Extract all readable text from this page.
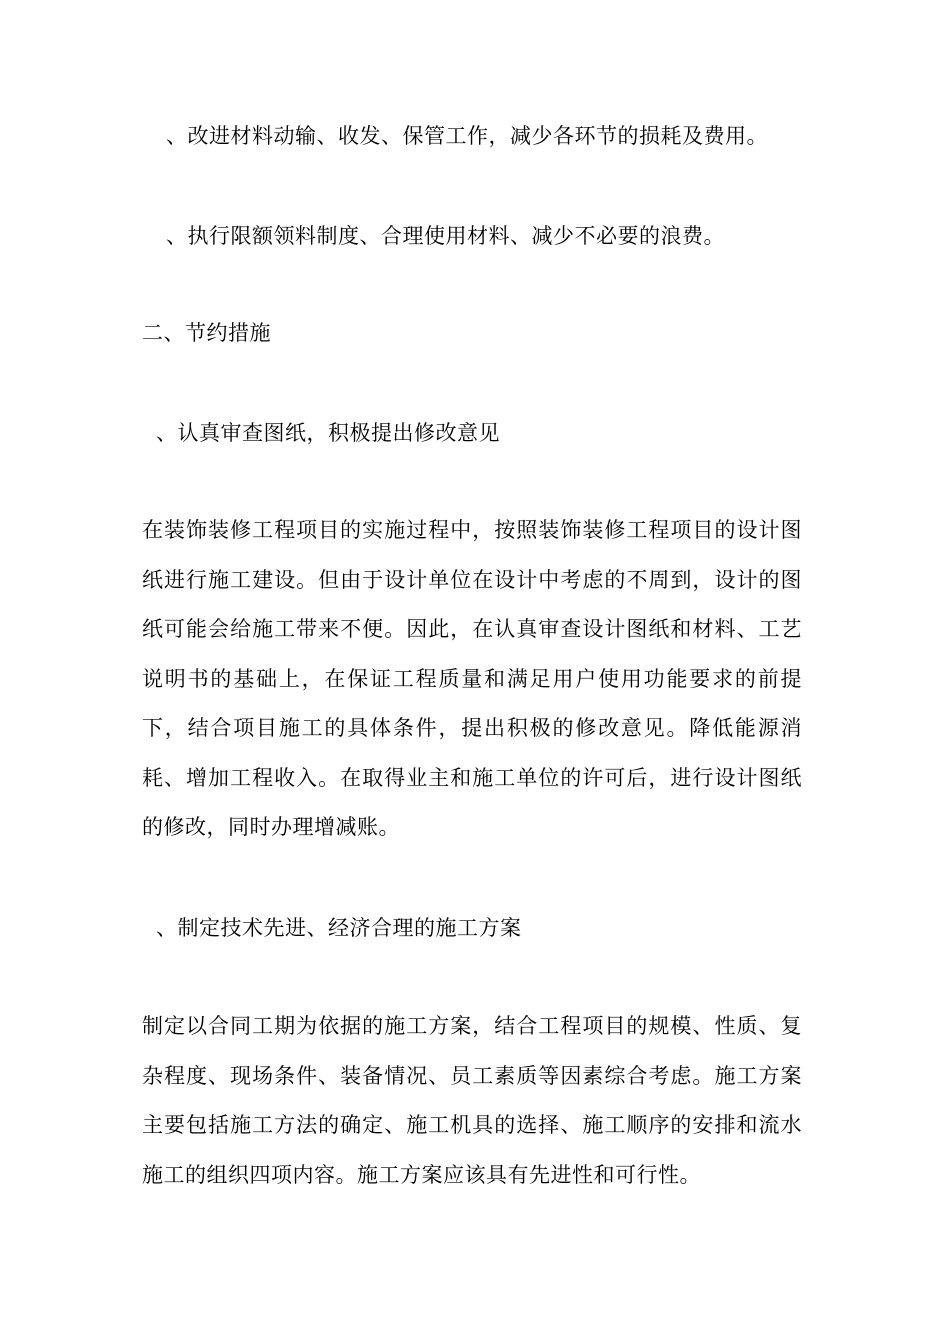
、改进材料动输、收发、保管工作，减少各环节的损耗及费用。
、执行限额领料制度、合理使用材料、减少不必要的浪费。
二、节约措施
、认真审查图纸，积极提出修改意见
在装饰装修工程项目的实施过程中，按照装饰装修工程项目的设计图纸进行施工建设。但由于设计单位在设计中考虑的不周到，设计的图纸可能会给施工带来不便。因此，在认真审查设计图纸和材料、工艺说明书的基础上，在保证工程质量和满足用户使用功能要求的前提下，结合项目施工的具体条件，提出积极的修改意见。降低能源消耗、增加工程收入。在取得业主和施工单位的许可后，进行设计图纸的修改，同时办理增减账。
、制定技术先进、经济合理的施工方案
制定以合同工期为依据的施工方案，结合工程项目的规模、性质、复杂程度、现场条件、装备情况、员工素质等因素综合考虑。施工方案主要包括施工方法的确定、施工机具的选择、施工顺序的安排和流水施工的组织四项内容。施工方案应该具有先进性和可行性。
